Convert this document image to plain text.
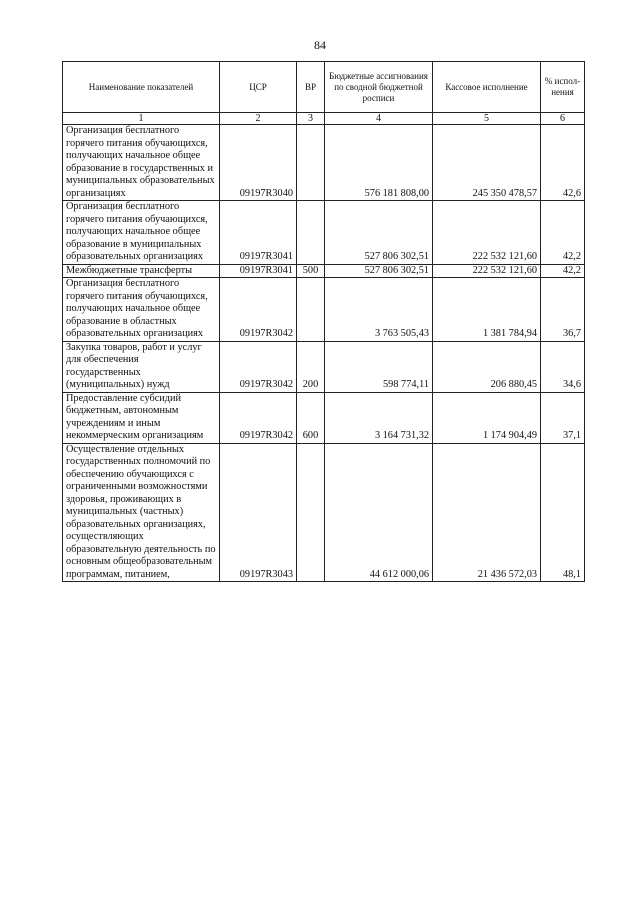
84
Наименование показателей	ЦСР	ВР	Бюджетные ассигнования по сводной бюджетной росписи	Кассовое исполнение	% испол-нения
1	2	3	4	5	6
Организация бесплатного горячего питания обучающихся, получающих начальное общее образование в государственных и муниципальных образовательных организациях	09197R3040		576 181 808,00	245 350 478,57	42,6
Организация бесплатного горячего питания обучающихся, получающих начальное общее образование в муниципальных образовательных организациях	09197R3041		527 806 302,51	222 532 121,60	42,2
Межбюджетные трансферты	09197R3041	500	527 806 302,51	222 532 121,60	42,2
Организация бесплатного горячего питания обучающихся, получающих начальное общее образование в областных образовательных организациях	09197R3042		3 763 505,43	1 381 784,94	36,7
Закупка товаров, работ и услуг для обеспечения государственных (муниципальных) нужд	09197R3042	200	598 774,11	206 880,45	34,6
Предоставление субсидий бюджетным, автономным учреждениям и иным некоммерческим организациям	09197R3042	600	3 164 731,32	1 174 904,49	37,1
Осуществление отдельных государственных полномочий по обеспечению обучающихся с ограниченными возможностями здоровья, проживающих в муниципальных (частных) образовательных организациях, осуществляющих образовательную деятельность по основным общеобразовательным программам, питанием,	09197R3043		44 612 000,06	21 436 572,03	48,1
